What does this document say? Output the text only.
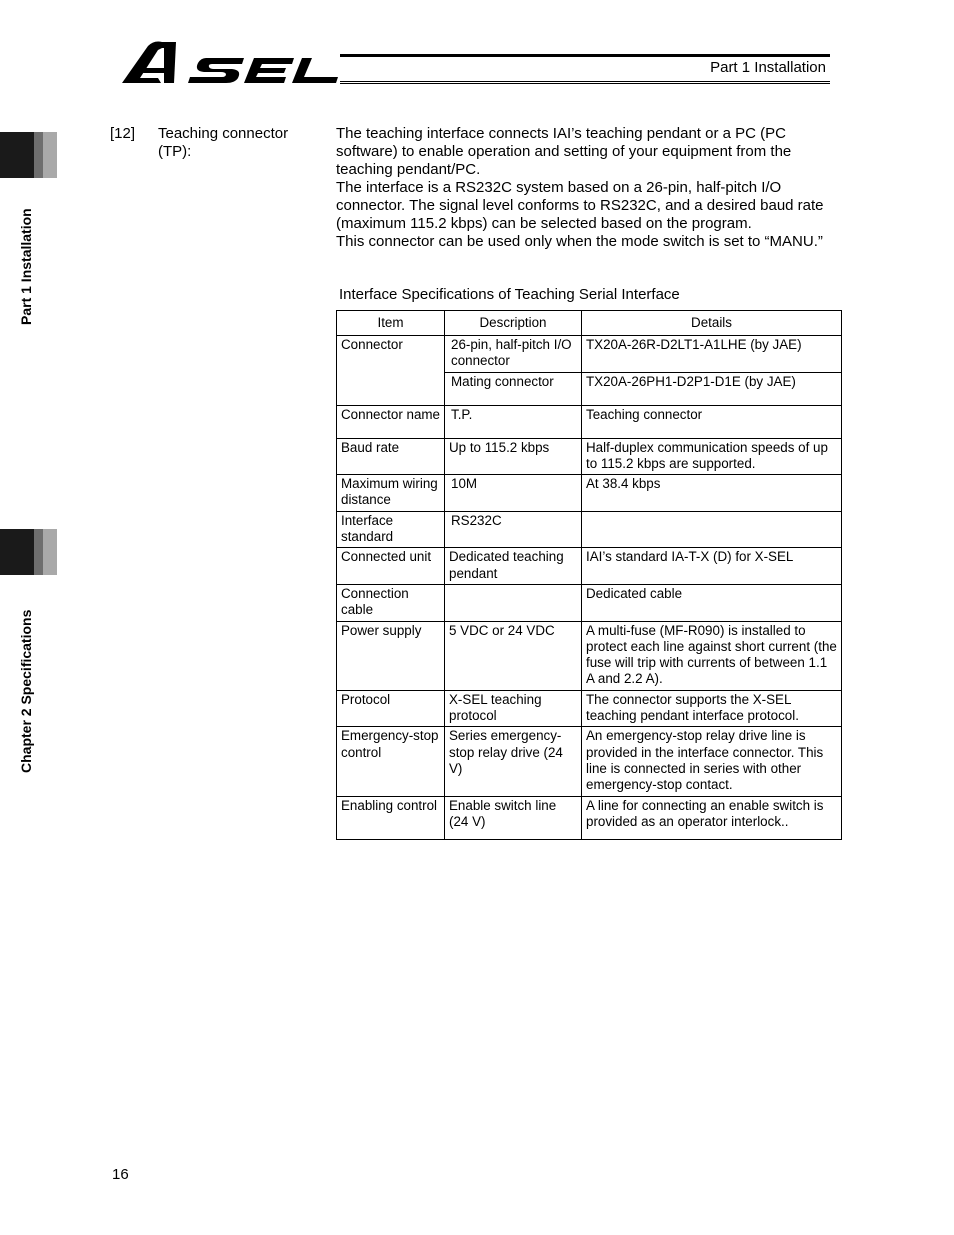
Part 1 Installation
Part 1 Installation
Chapter 2 Specifications
[12] Teaching connector (TP):

The teaching interface connects IAI’s teaching pendant or a PC (PC software) to enable operation and setting of your equipment from the teaching pendant/PC.

The interface is a RS232C system based on a 26-pin, half-pitch I/O connector. The signal level conforms to RS232C, and a desired baud rate (maximum 115.2 kbps) can be selected based on the program.

This connector can be used only when the mode switch is set to “MANU.”

Interface Specifications of Teaching Serial Interface
Item	Description	Details
Connector	26-pin, half-pitch I/O connector	TX20A-26R-D2LT1-A1LHE (by JAE)
	Mating connector	TX20A-26PH1-D2P1-D1E (by JAE)
Connector name	T.P.	Teaching connector
Baud rate	Up to 115.2 kbps	Half-duplex communication speeds of up to 115.2 kbps are supported.
Maximum wiring distance	10M	At 38.4 kbps
Interface standard	RS232C	
Connected unit	Dedicated teaching pendant	IAI’s standard IA-T-X (D) for X-SEL
Connection cable		Dedicated cable
Power supply	5 VDC or 24 VDC	A multi-fuse (MF-R090) is installed to protect each line against short current (the fuse will trip with currents of between 1.1 A and 2.2 A).
Protocol	X-SEL teaching protocol	The connector supports the X-SEL teaching pendant interface protocol.
Emergency-stop control	Series emergency-stop relay drive (24 V)	An emergency-stop relay drive line is provided in the interface connector. This line is connected in series with other emergency-stop contact.
Enabling control	Enable switch line (24 V)	A line for connecting an enable switch is provided as an operator interlock..
16
